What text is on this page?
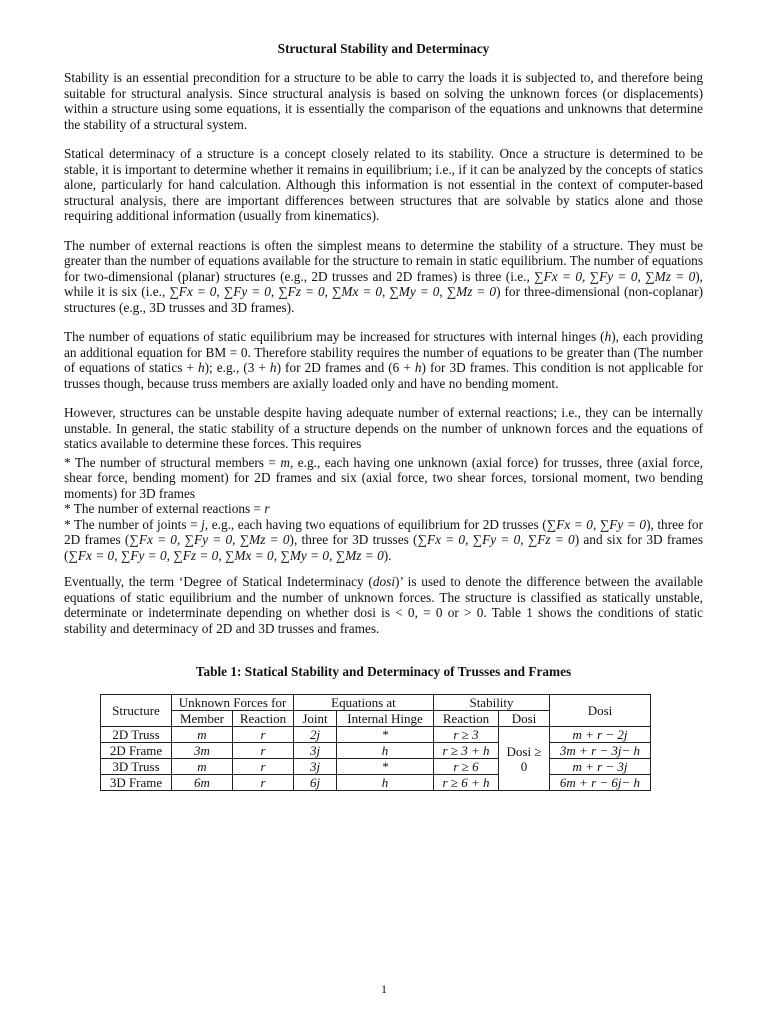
Structural Stability and Determinacy

Stability is an essential precondition for a structure to be able to carry the loads it is subjected to, and therefore being suitable for structural analysis. Since structural analysis is based on solving the unknown forces (or displacements) within a structure using some equations, it is essentially the comparison of the equations and unknowns that determine the stability of a structural system.

Statical determinacy of a structure is a concept closely related to its stability. Once a structure is determined to be stable, it is important to determine whether it remains in equilibrium; i.e., if it can be analyzed by the concepts of statics alone, particularly for hand calculation. Although this information is not essential in the context of computer-based structural analysis, there are important differences between structures that are solvable by statics alone and those requiring additional information (usually from kinematics).

The number of external reactions is often the simplest means to determine the stability of a structure. They must be greater than the number of equations available for the structure to remain in static equilibrium. The number of equations for two-dimensional (planar) structures (e.g., 2D trusses and 2D frames) is three (i.e., ∑Fx = 0, ∑Fy = 0, ∑Mz = 0), while it is six (i.e., ∑Fx = 0, ∑Fy = 0, ∑Fz = 0, ∑Mx = 0, ∑My = 0, ∑Mz = 0) for three-dimensional (non-coplanar) structures (e.g., 3D trusses and 3D frames).

The number of equations of static equilibrium may be increased for structures with internal hinges (h), each providing an additional equation for BM = 0. Therefore stability requires the number of equations to be greater than (The number of equations of statics + h); e.g., (3 + h) for 2D frames and (6 + h) for 3D frames. This condition is not applicable for trusses though, because truss members are axially loaded only and have no bending moment.

However, structures can be unstable despite having adequate number of external reactions; i.e., they can be internally unstable. In general, the static stability of a structure depends on the number of unknown forces and the equations of statics available to determine these forces. This requires

* The number of structural members = m, e.g., each having one unknown (axial force) for trusses, three (axial force, shear force, bending moment) for 2D frames and six (axial force, two shear forces, torsional moment, two bending moments) for 3D frames
* The number of external reactions = r
* The number of joints = j, e.g., each having two equations of equilibrium for 2D trusses (∑Fx = 0, ∑Fy = 0), three for 2D frames (∑Fx = 0, ∑Fy = 0, ∑Mz = 0), three for 3D trusses (∑Fx = 0, ∑Fy = 0, ∑Fz = 0) and six for 3D frames (∑Fx = 0, ∑Fy = 0, ∑Fz = 0, ∑Mx = 0, ∑My = 0, ∑Mz = 0).

Eventually, the term ‘Degree of Statical Indeterminacy (dosi)’ is used to denote the difference between the available equations of static equilibrium and the number of unknown forces. The structure is classified as statically unstable, determinate or indeterminate depending on whether dosi is < 0, = 0 or > 0. Table 1 shows the conditions of static stability and determinacy of 2D and 3D trusses and frames.

Table 1: Statical Stability and Determinacy of Trusses and Frames
Structure	Unknown Forces for		Equations at		Stability		Dosi
	Member	Reaction	Joint	Internal Hinge	Reaction	Dosi	
2D Truss	m	r	2j	*	r ≥ 3	Dosi ≥ 0	m + r − 2j
2D Frame	3m	r	3j	h	r ≥ 3 + h		3m + r − 3j− h
3D Truss	m	r	3j	*	r ≥ 6		m + r − 3j
3D Frame	6m	r	6j	h	r ≥ 6 + h		6m + r − 6j− h
1
